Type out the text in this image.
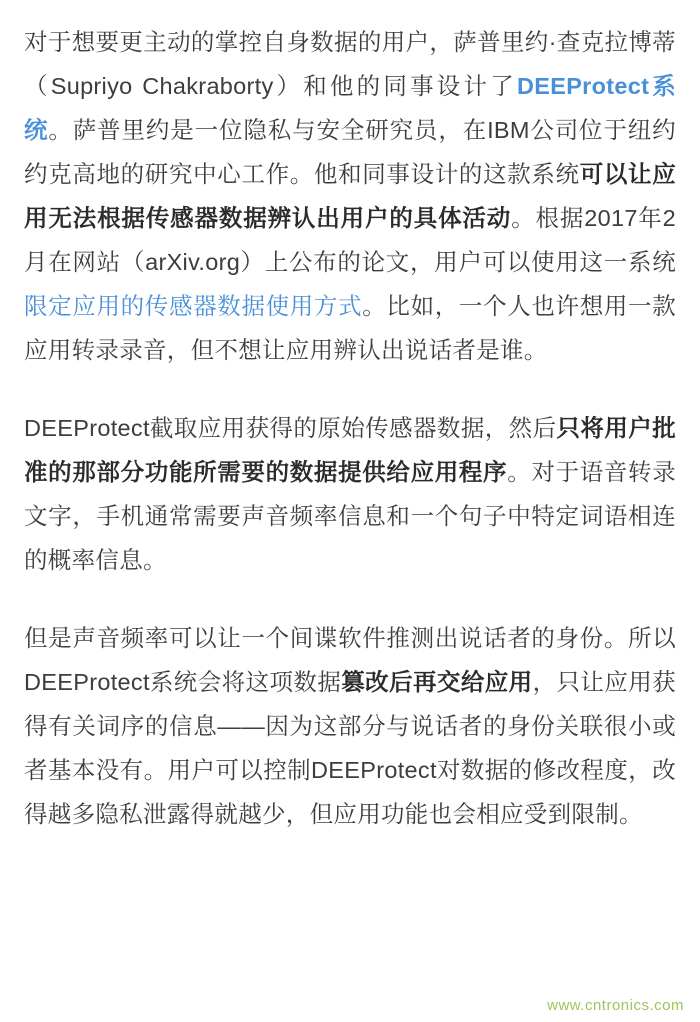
对于想要更主动的掌控自身数据的用户，萨普里约·查克拉博蒂（Supriyo Chakraborty）和他的同事设计了DEEProtect系统。萨普里约是一位隐私与安全研究员，在IBM公司位于纽约约克高地的研究中心工作。他和同事设计的这款系统可以让应用无法根据传感器数据辨认出用户的具体活动。根据2017年2月在网站（arXiv.org）上公布的论文，用户可以使用这一系统限定应用的传感器数据使用方式。比如，一个人也许想用一款应用转录录音，但不想让应用辨认出说话者是谁。

DEEProtect截取应用获得的原始传感器数据，然后只将用户批准的那部分功能所需要的数据提供给应用程序。对于语音转录文字，手机通常需要声音频率信息和一个句子中特定词语相连的概率信息。

但是声音频率可以让一个间谍软件推测出说话者的身份。所以DEEProtect系统会将这项数据篡改后再交给应用，只让应用获得有关词序的信息——因为这部分与说话者的身份关联很小或者基本没有。用户可以控制DEEProtect对数据的修改程度，改得越多隐私泄露得就越少，但应用功能也会相应受到限制。

www.cntronics.com
